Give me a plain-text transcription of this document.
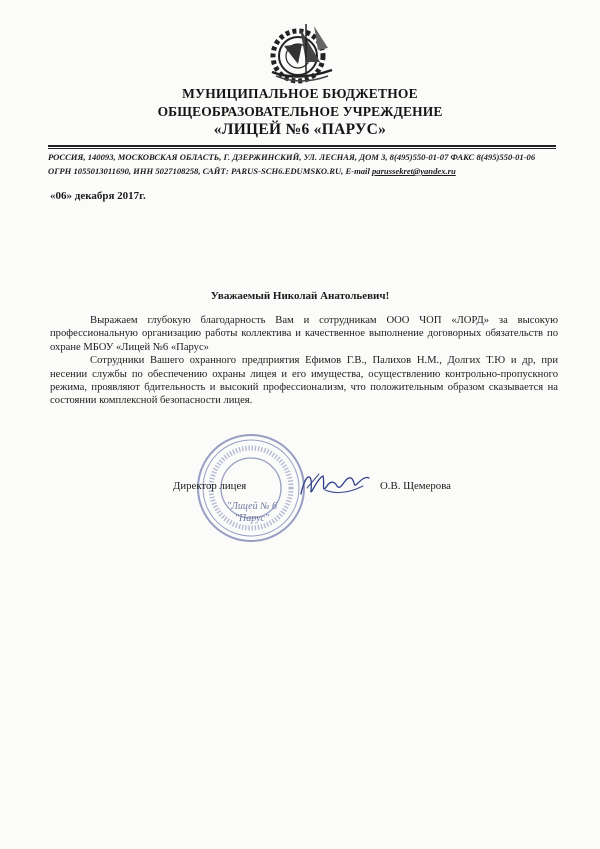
МУНИЦИПАЛЬНОЕ БЮДЖЕТНОЕ
ОБЩЕОБРАЗОВАТЕЛЬНОЕ УЧРЕЖДЕНИЕ
«ЛИЦЕЙ №6 «ПАРУС»
РОССИЯ, 140093, МОСКОВСКАЯ ОБЛАСТЬ, Г. ДЗЕРЖИНСКИЙ, УЛ. ЛЕСНАЯ, ДОМ 3, 8(495)550-01-07 ФАКС 8(495)550-01-06
ОГРН 1055013011690, ИНН 5027108258, САЙТ: PARUS-SCH6.EDUMSKO.RU, E-mail parussekret@yandex.ru
«06» декабря 2017г.
Уважаемый Николай Анатольевич!

Выражаем глубокую благодарность Вам и сотрудникам ООО ЧОП «ЛОРД» за высокую профессиональную организацию работы коллектива и качественное выполнение договорных обязательств по охране МБОУ «Лицей №6 «Парус»

Сотрудники Вашего охранного предприятия Ефимов Г.В., Палихов Н.М., Долгих Т.Ю и др, при несении службы по обеспечению охраны лицея и его имущества, осуществлению контрольно-пропускного режима, проявляют бдительность и высокий профессионализм, что положительным образом сказывается на состоянии комплексной безопасности лицея.

"Лицей № 6
"Парус"
Директор лицея	О.В. Щемерова
